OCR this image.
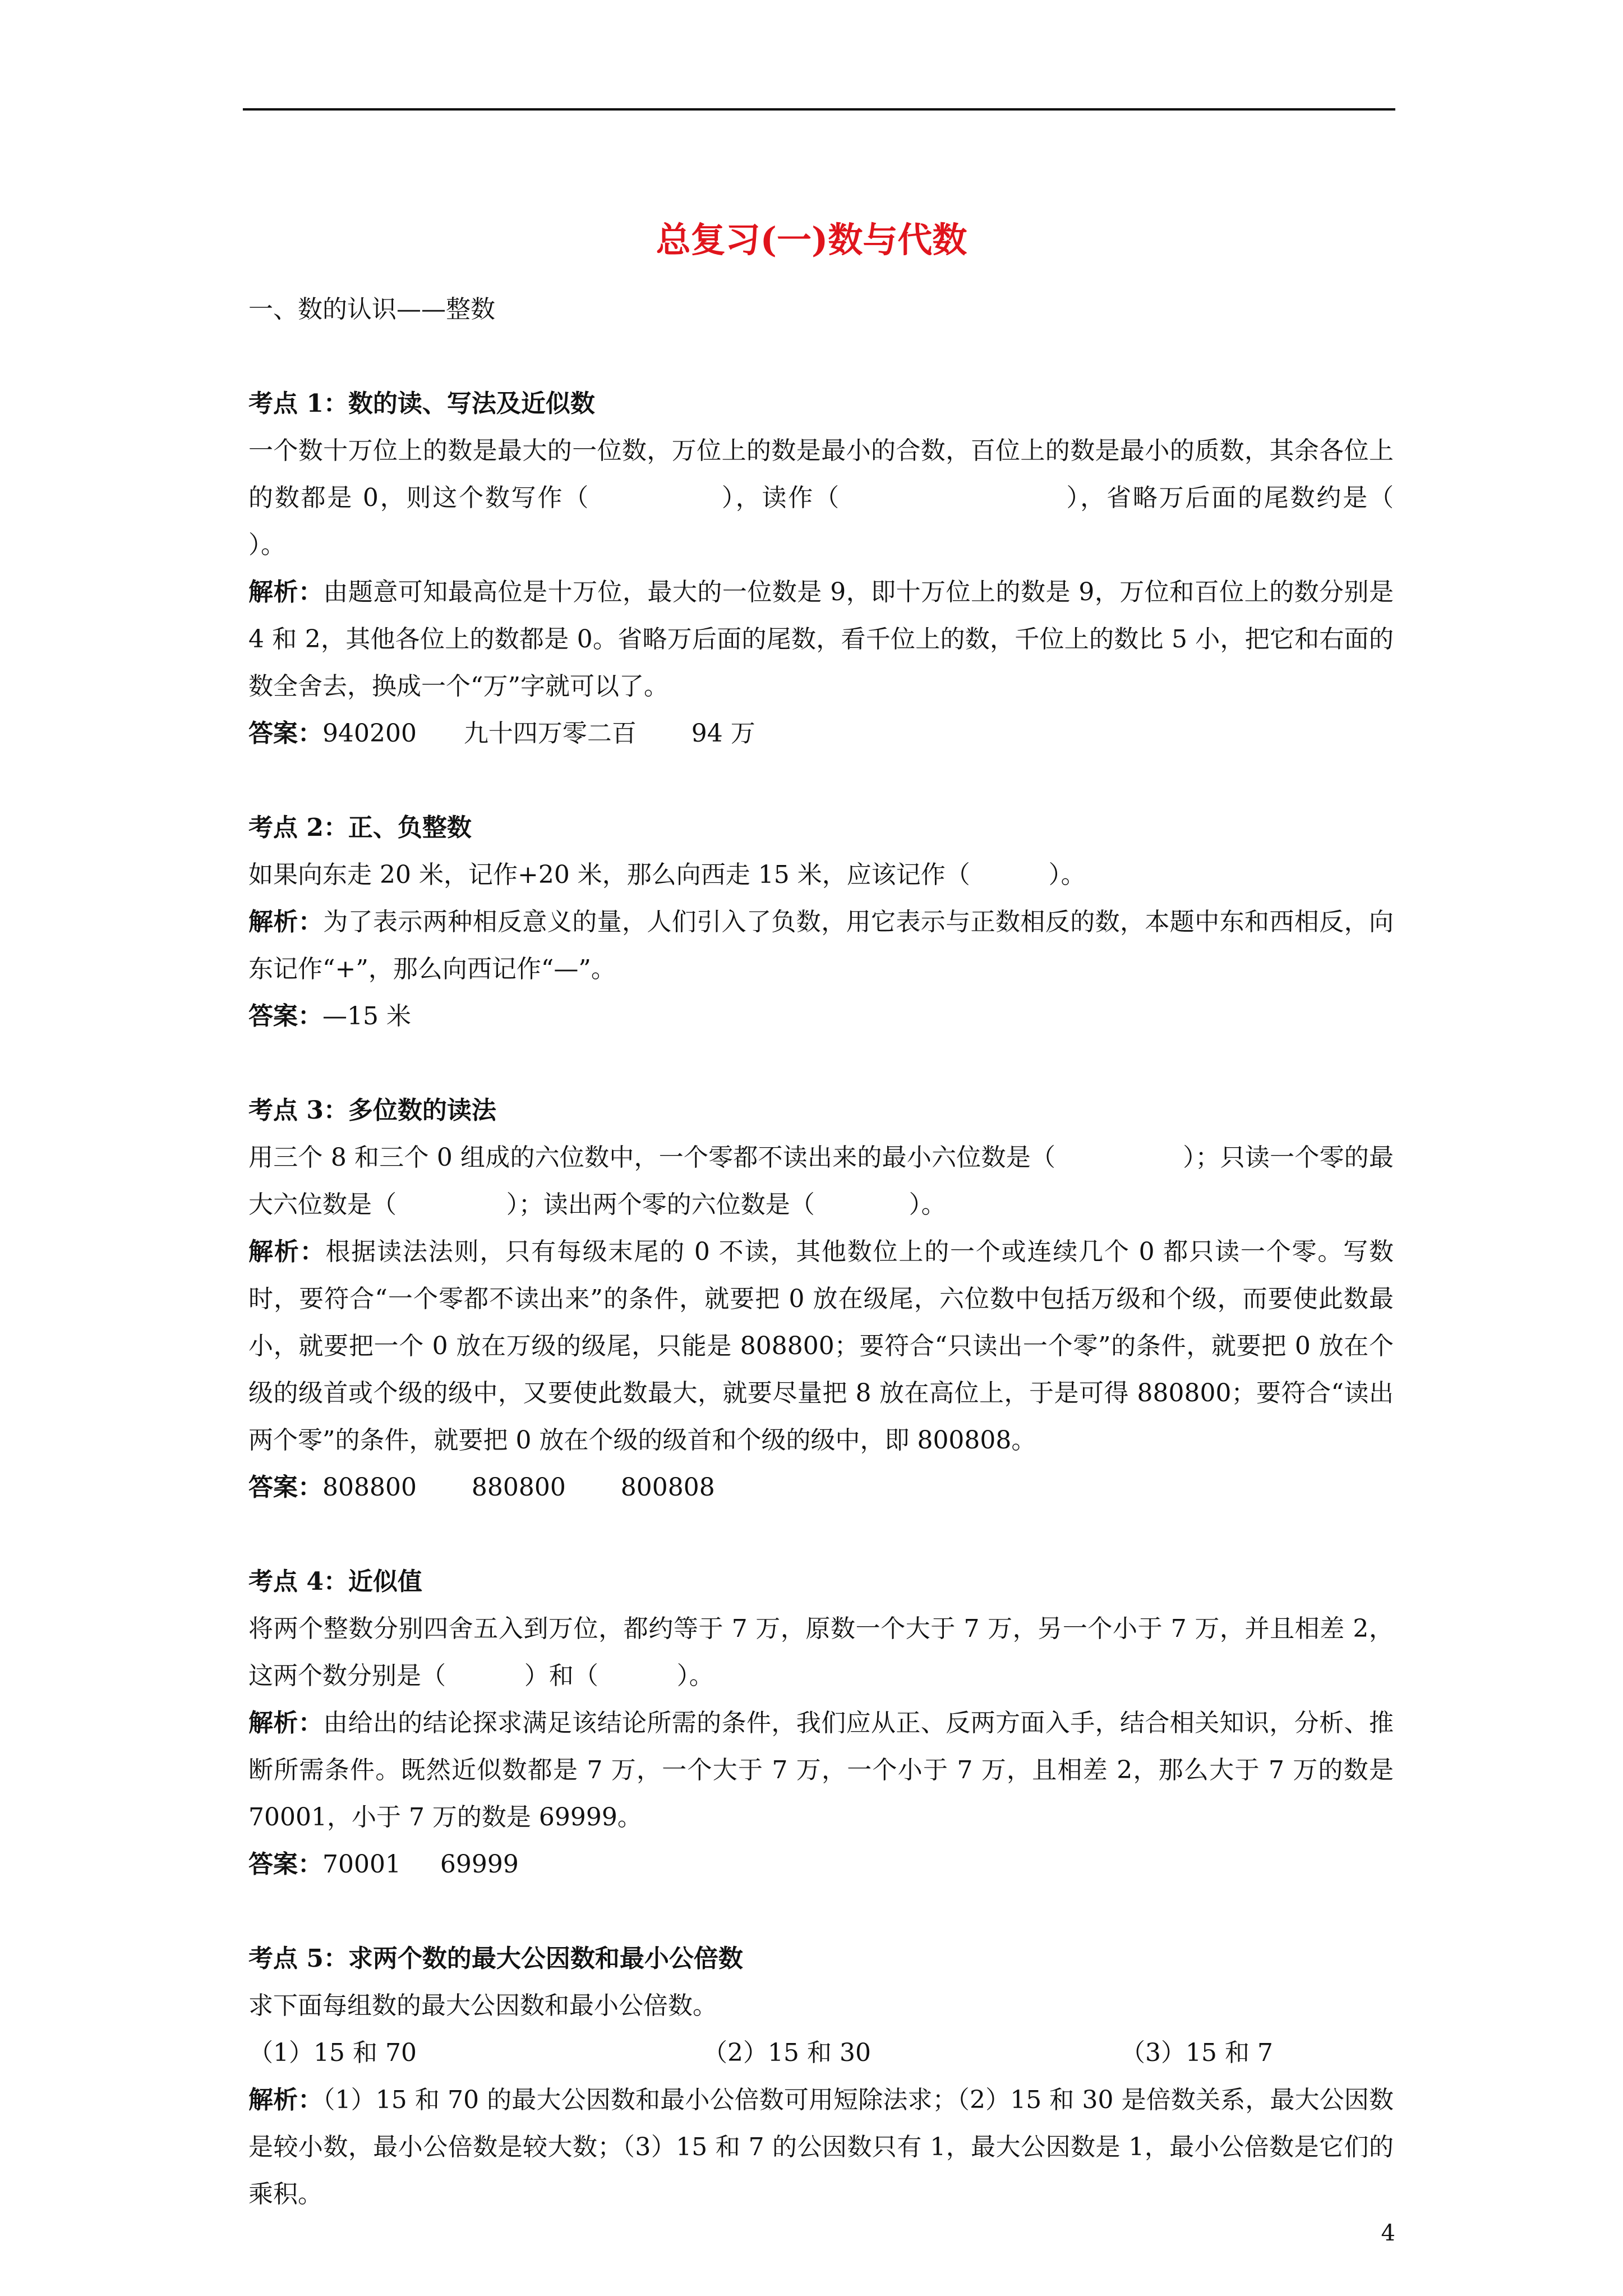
总复习(一)数与代数

一、数的认识——整数

考点 1：数的读、写法及近似数

一个数十万位上的数是最大的一位数，万位上的数是最小的合数，百位上的数是最小的质数，其余各位上的数都是 0，则这个数写作（              ），读作（                        ），省略万后面的尾数约是（            ）。

解析：由题意可知最高位是十万位，最大的一位数是 9，即十万位上的数是 9，万位和百位上的数分别是 4 和 2，其他各位上的数都是 0。省略万后面的尾数，看千位上的数，千位上的数比 5 小，把它和右面的数全舍去，换成一个“万”字就可以了。

答案：940200      九十四万零二百       94 万

考点 2：正、负整数

如果向东走 20 米，记作+20 米，那么向西走 15 米，应该记作（          ）。

解析：为了表示两种相反意义的量，人们引入了负数，用它表示与正数相反的数，本题中东和西相反，向东记作“+”，那么向西记作“—”。

答案：—15 米

考点 3：多位数的读法

用三个 8 和三个 0 组成的六位数中，一个零都不读出来的最小六位数是（                ）；只读一个零的最大六位数是（              ）；读出两个零的六位数是（            ）。

解析：根据读法法则，只有每级末尾的 0 不读，其他数位上的一个或连续几个 0 都只读一个零。写数时，要符合“一个零都不读出来”的条件，就要把 0 放在级尾，六位数中包括万级和个级，而要使此数最小，就要把一个 0 放在万级的级尾，只能是 808800；要符合“只读出一个零”的条件，就要把 0 放在个级的级首或个级的级中，又要使此数最大，就要尽量把 8 放在高位上，于是可得 880800；要符合“读出两个零”的条件，就要把 0 放在个级的级首和个级的级中，即 800808。

答案：808800       880800       800808

考点 4：近似值

将两个整数分别四舍五入到万位，都约等于 7 万，原数一个大于 7 万，另一个小于 7 万，并且相差 2，这两个数分别是（          ）和（          ）。

解析：由给出的结论探求满足该结论所需的条件，我们应从正、反两方面入手，结合相关知识，分析、推断所需条件。既然近似数都是 7 万，一个大于 7 万，一个小于 7 万，且相差 2，那么大于 7 万的数是 70001，小于 7 万的数是 69999。

答案：70001     69999

考点 5：求两个数的最大公因数和最小公倍数

求下面每组数的最大公因数和最小公倍数。

（1）15 和 70	（2）15 和 30	（3）15 和 7

解析：（1）15 和 70 的最大公因数和最小公倍数可用短除法求；（2）15 和 30 是倍数关系，最大公因数是较小数，最小公倍数是较大数；（3）15 和 7 的公因数只有 1，最大公因数是 1，最小公倍数是它们的乘积。

4
